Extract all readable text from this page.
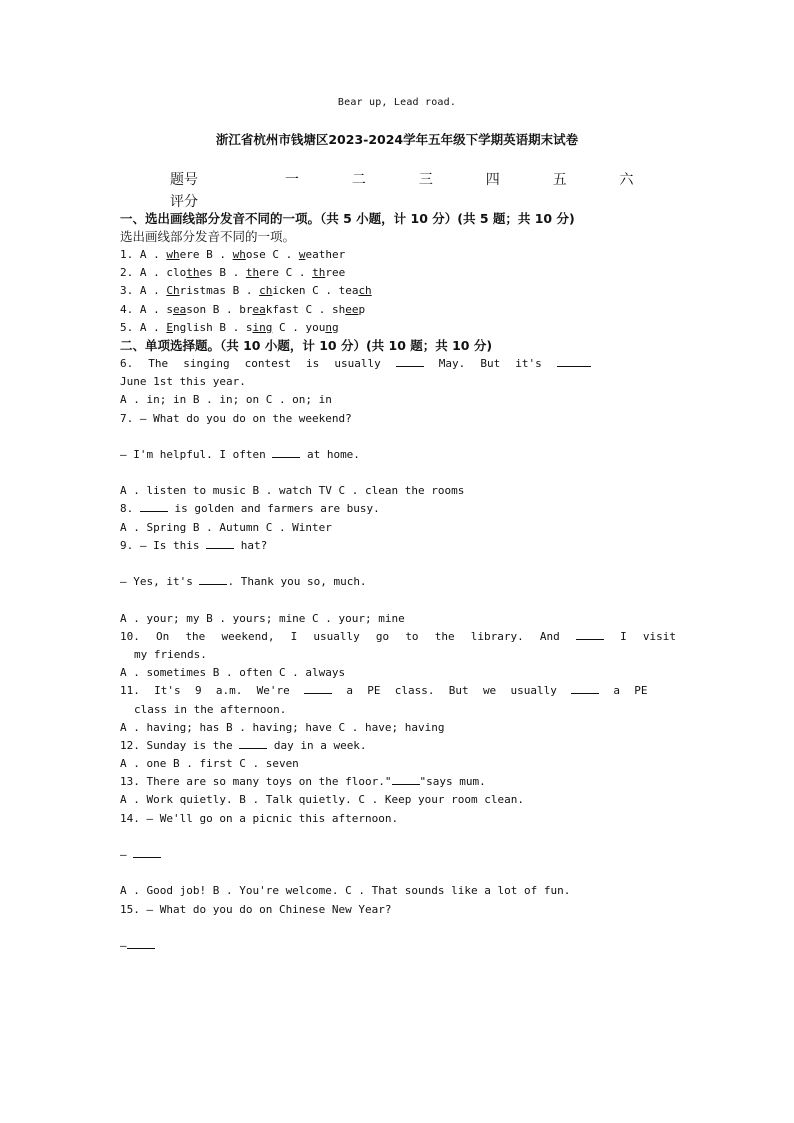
Bear up, Lead road.
浙江省杭州市钱塘区2023-2024学年五年级下学期英语期末试卷
题号	一	二	三	四	五	六
评分
一、选出画线部分发音不同的一项。（共 5 小题，计 10 分）(共 5 题；共 10 分)
选出画线部分发音不同的一项。
1. A . where B . whose C . weather
2. A . clothes B . there C . three
3. A . Christmas B . chicken C . teach
4. A . season B . breakfast C . sheep
5. A . English B . sing C . young
二、单项选择题。（共 10 小题，计 10 分）(共 10 题；共 10 分)
6. The singing contest is usually	May. But it's
June 1st this year.
A . in; in B . in; on C . on; in
7. — What do you do on the weekend?
— I'm helpful. I often	at home.
A . listen to music B . watch TV C . clean the rooms
8.	is golden and farmers are busy.
A . Spring B . Autumn C . Winter
9. — Is this	hat?
— Yes, it's	. Thank you so, much.
A . your; my B . yours; mine C . your; mine
10. On the weekend, I usually go to the library. And	I visit
my friends.
A . sometimes B . often C . always
11. It's 9 a.m. We're	a PE class. But we usually	a PE
class in the afternoon.
A . having; has B . having; have C . have; having
12. Sunday is the	day in a week.
A . one B . first C . seven
13. There are so many toys on the floor."	"says mum.
A . Work quietly. B . Talk quietly. C . Keep your room clean.
14. — We'll go on a picnic this afternoon.
—
A . Good job! B . You're welcome. C . That sounds like a lot of fun.
15. — What do you do on Chinese New Year?
—
